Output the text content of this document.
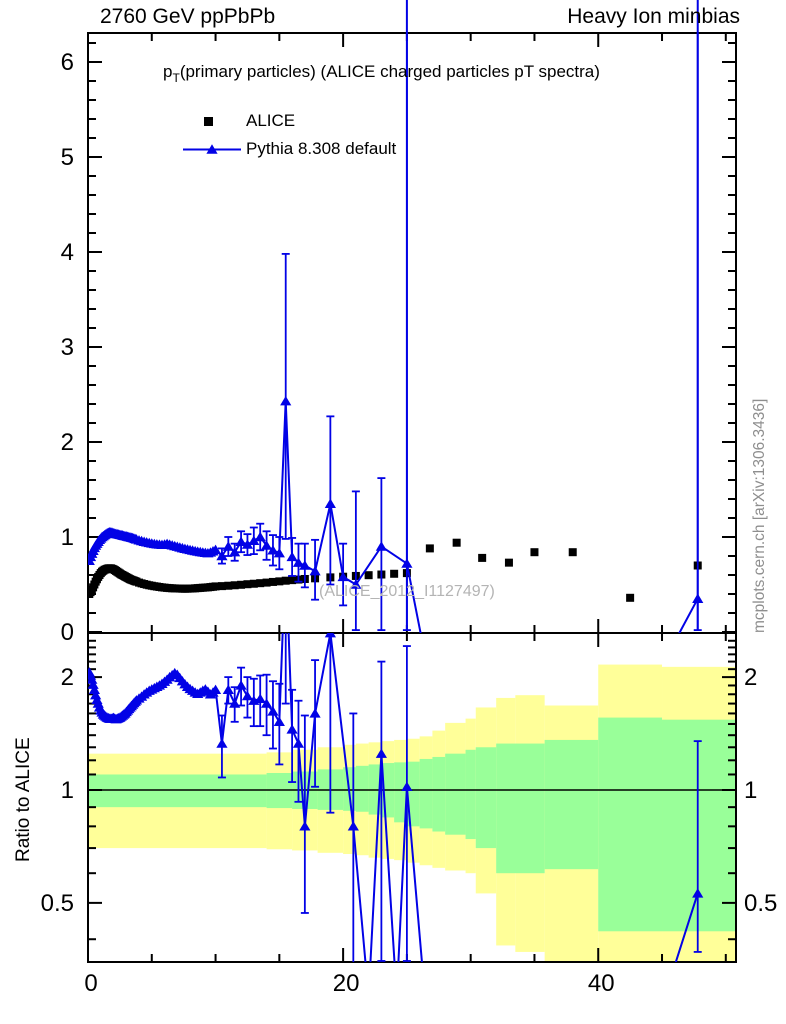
0
1
2
3
4
5
6
0	20	40
0.5	0.5
1	1
2	2
2760 GeV ppPbPb	Heavy Ion minbias
$p_T(primary$ particles) (ALICE charged particles pT spectra)
ALICE
Pythia 8.308 default
(ALICE_2012_I1127497)	mcplots.cern.ch [arXiv:1306.3436]
Ratio to ALICE
